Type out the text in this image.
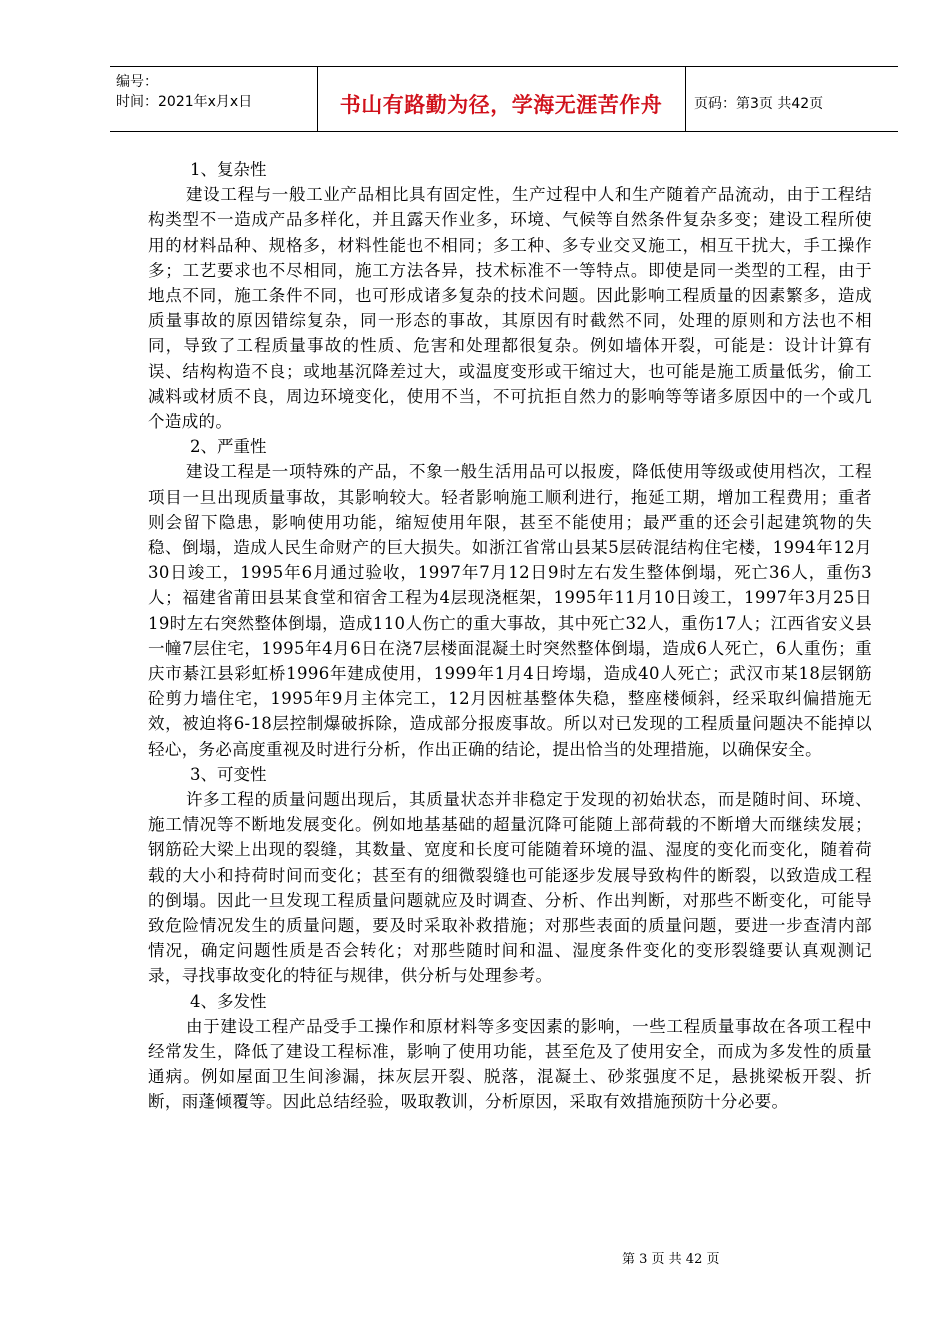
编号：
时间：2021年x月x日	书山有路勤为径，学海无涯苦作舟 页码：第3页 共42页
1、复杂性

建设工程与一般工业产品相比具有固定性，生产过程中人和生产随着产品流动，由于工程结构类型不一造成产品多样化，并且露天作业多，环境、气候等自然条件复杂多变；建设工程所使用的材料品种、规格多，材料性能也不相同；多工种、多专业交叉施工，相互干扰大，手工操作多；工艺要求也不尽相同，施工方法各异，技术标准不一等特点。即使是同一类型的工程，由于地点不同，施工条件不同，也可形成诸多复杂的技术问题。因此影响工程质量的因素繁多，造成质量事故的原因错综复杂，同一形态的事故，其原因有时截然不同，处理的原则和方法也不相同，导致了工程质量事故的性质、危害和处理都很复杂。例如墙体开裂，可能是：设计计算有误、结构构造不良；或地基沉降差过大，或温度变形或干缩过大，也可能是施工质量低劣，偷工减料或材质不良，周边环境变化，使用不当，不可抗拒自然力的影响等等诸多原因中的一个或几个造成的。

2、严重性

建设工程是一项特殊的产品，不象一般生活用品可以报废，降低使用等级或使用档次，工程项目一旦出现质量事故，其影响较大。轻者影响施工顺利进行，拖延工期，增加工程费用；重者则会留下隐患，影响使用功能，缩短使用年限，甚至不能使用；最严重的还会引起建筑物的失稳、倒塌，造成人民生命财产的巨大损失。如浙江省常山县某5层砖混结构住宅楼，1994年12月30日竣工，1995年6月通过验收，1997年7月12日9时左右发生整体倒塌，死亡36人，重伤3人；福建省莆田县某食堂和宿舍工程为4层现浇框架，1995年11月10日竣工，1997年3月25日19时左右突然整体倒塌，造成110人伤亡的重大事故，其中死亡32人，重伤17人；江西省安义县一幢7层住宅，1995年4月6日在浇7层楼面混凝土时突然整体倒塌，造成6人死亡，6人重伤；重庆市綦江县彩虹桥1996年建成使用，1999年1月4日垮塌，造成40人死亡；武汉市某18层钢筋砼剪力墙住宅，1995年9月主体完工，12月因桩基整体失稳，整座楼倾斜，经采取纠偏措施无效，被迫将6-18层控制爆破拆除，造成部分报废事故。所以对已发现的工程质量问题决不能掉以轻心，务必高度重视及时进行分析，作出正确的结论，提出恰当的处理措施，以确保安全。

3、可变性

许多工程的质量问题出现后，其质量状态并非稳定于发现的初始状态，而是随时间、环境、施工情况等不断地发展变化。例如地基基础的超量沉降可能随上部荷载的不断增大而继续发展；钢筋砼大梁上出现的裂缝，其数量、宽度和长度可能随着环境的温、湿度的变化而变化，随着荷载的大小和持荷时间而变化；甚至有的细微裂缝也可能逐步发展导致构件的断裂，以致造成工程的倒塌。因此一旦发现工程质量问题就应及时调查、分析、作出判断，对那些不断变化，可能导致危险情况发生的质量问题，要及时采取补救措施；对那些表面的质量问题，要进一步查清内部情况，确定问题性质是否会转化；对那些随时间和温、湿度条件变化的变形裂缝要认真观测记录，寻找事故变化的特征与规律，供分析与处理参考。

4、多发性

由于建设工程产品受手工操作和原材料等多变因素的影响，一些工程质量事故在各项工程中经常发生，降低了建设工程标准，影响了使用功能，甚至危及了使用安全，而成为多发性的质量通病。例如屋面卫生间渗漏，抹灰层开裂、脱落，混凝土、砂浆强度不足，悬挑梁板开裂、折断，雨蓬倾覆等。因此总结经验，吸取教训，分析原因，采取有效措施预防十分必要。

第 3 页 共 42 页
